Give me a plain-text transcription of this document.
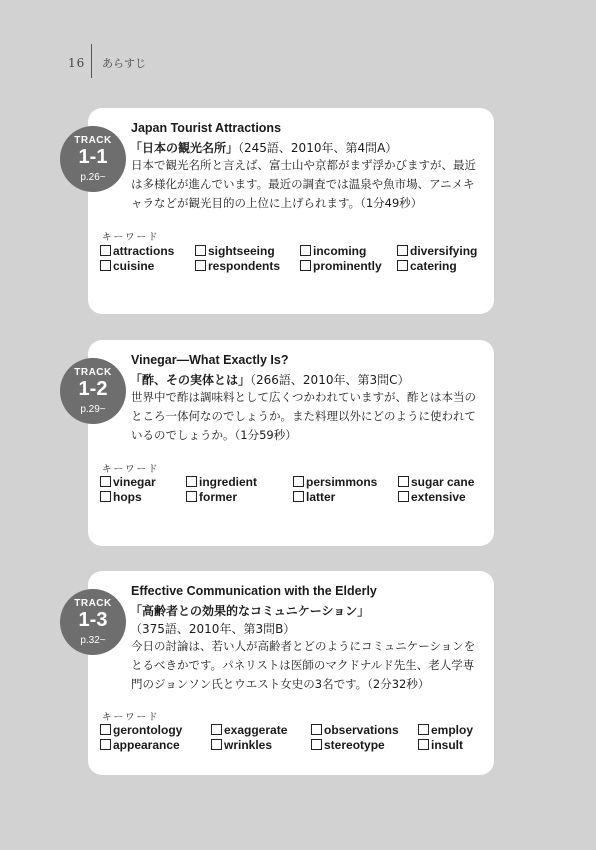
16 あらすじ
TRACK
1-1
p.26~
Japan Tourist Attractions
「日本の観光名所」（245語、2010年、第4問A）
日本で観光名所と言えば、富士山や京都がまず浮かびますが、最近は多様化が進んでいます。最近の調査では温泉や魚市場、アニメキャラなどが観光目的の上位に上げられます。（1分49秒）
キーワード
attractions	sightseeing	incoming	diversifying
cuisine	respondents	prominently	catering
TRACK
1-2
p.29~
Vinegar—What Exactly Is?
「酢、その実体とは」（266語、2010年、第3問C）
世界中で酢は調味料として広くつかわれていますが、酢とは本当のところ一体何なのでしょうか。また料理以外にどのように使われているのでしょうか。（1分59秒）
キーワード
vinegar	ingredient	persimmons	sugar cane
hops	former	latter	extensive
TRACK
1-3
p.32~
Effective Communication with the Elderly
「高齢者との効果的なコミュニケーション」
（375語、2010年、第3問B）
今日の討論は、若い人が高齢者とどのようにコミュニケーションをとるべきかです。パネリストは医師のマクドナルド先生、老人学専門のジョンソン氏とウエスト女史の3名です。（2分32秒）
キーワード
gerontology	exaggerate	observations	employ
appearance	wrinkles	stereotype	insult
